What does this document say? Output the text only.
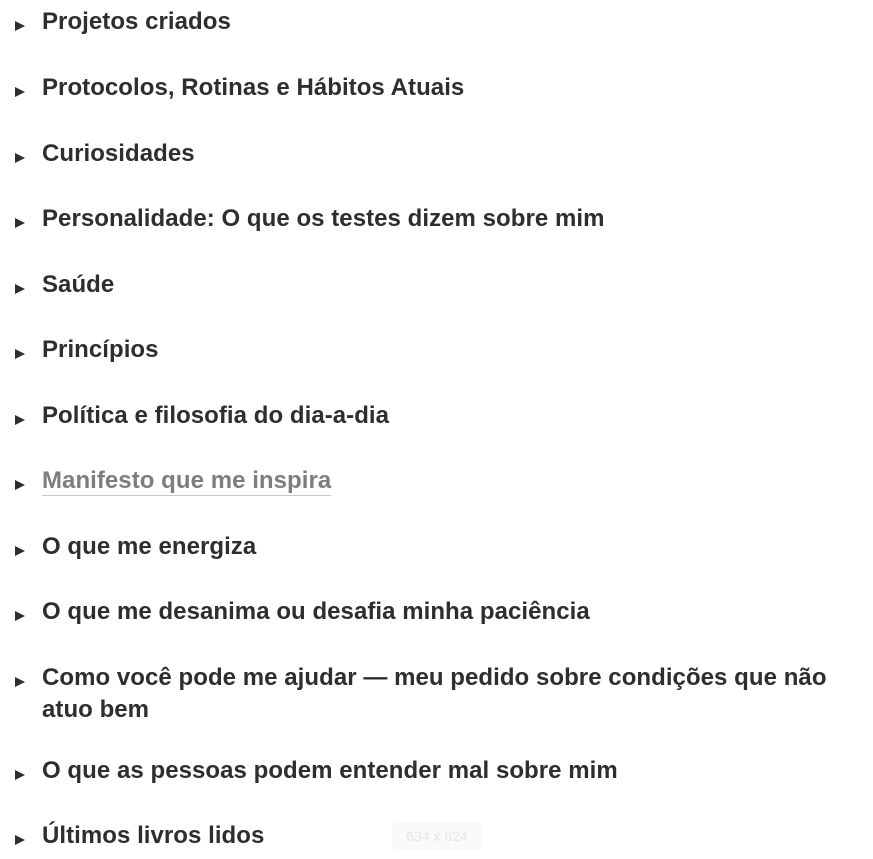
Projetos criados
Protocolos, Rotinas e Hábitos Atuais
Curiosidades
Personalidade: O que os testes dizem sobre mim
Saúde
Princípios
Política e filosofia do dia-a-dia
Manifesto que me inspira
O que me energiza
O que me desanima ou desafia minha paciência
Como você pode me ajudar — meu pedido sobre condições que não atuo bem
O que as pessoas podem entender mal sobre mim
634 x 624
Últimos livros lidos
